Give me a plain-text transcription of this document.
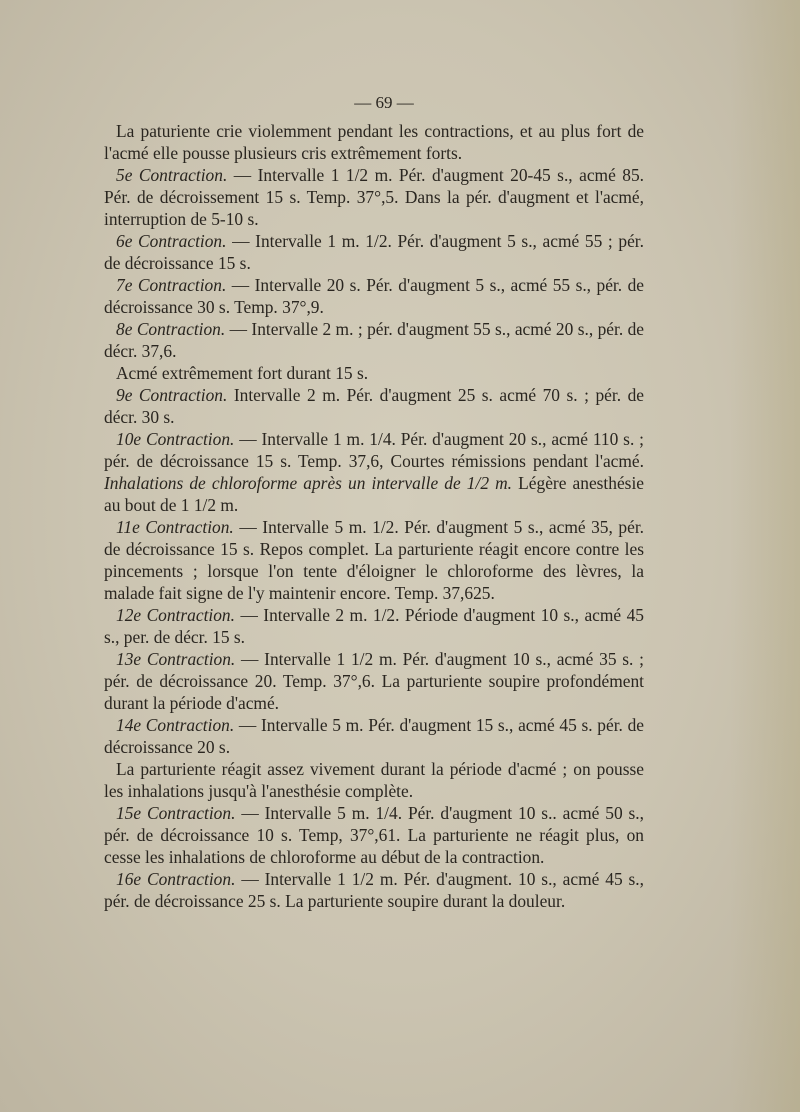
— 69 —

La paturiente crie violemment pendant les contractions, et au plus fort de l'acmé elle pousse plusieurs cris extrêmement forts.

5e Contraction. — Intervalle 1 1/2 m. Pér. d'augment 20-45 s., acmé 85. Pér. de décroissement 15 s. Temp. 37°,5. Dans la pér. d'augment et l'acmé, interruption de 5-10 s.

6e Contraction. — Intervalle 1 m. 1/2. Pér. d'augment 5 s., acmé 55 ; pér. de décroissance 15 s.

7e Contraction. — Intervalle 20 s. Pér. d'augment 5 s., acmé 55 s., pér. de décroissance 30 s. Temp. 37°,9.

8e Contraction. — Intervalle 2 m. ; pér. d'augment 55 s., acmé 20 s., pér. de décr. 37,6.

Acmé extrêmement fort durant 15 s.

9e Contraction. Intervalle 2 m. Pér. d'augment 25 s. acmé 70 s. ; pér. de décr. 30 s.

10e Contraction. — Intervalle 1 m. 1/4. Pér. d'augment 20 s., acmé 110 s. ; pér. de décroissance 15 s. Temp. 37,6, Courtes rémissions pendant l'acmé. Inhalations de chloroforme après un intervalle de 1/2 m. Légère anesthésie au bout de 1 1/2 m.

11e Contraction. — Intervalle 5 m. 1/2. Pér. d'augment 5 s., acmé 35, pér. de décroissance 15 s. Repos complet. La parturiente réagit encore contre les pincements ; lorsque l'on tente d'éloigner le chloroforme des lèvres, la malade fait signe de l'y maintenir encore. Temp. 37,625.

12e Contraction. — Intervalle 2 m. 1/2. Période d'augment 10 s., acmé 45 s., per. de décr. 15 s.

13e Contraction. — Intervalle 1 1/2 m. Pér. d'augment 10 s., acmé 35 s. ; pér. de décroissance 20. Temp. 37°,6. La parturiente soupire profondément durant la période d'acmé.

14e Contraction. — Intervalle 5 m. Pér. d'augment 15 s., acmé 45 s. pér. de décroissance 20 s.

La parturiente réagit assez vivement durant la période d'acmé ; on pousse les inhalations jusqu'à l'anesthésie complète.

15e Contraction. — Intervalle 5 m. 1/4. Pér. d'augment 10 s.. acmé 50 s., pér. de décroissance 10 s. Temp, 37°,61. La parturiente ne réagit plus, on cesse les inhalations de chloroforme au début de la contraction.

16e Contraction. — Intervalle 1 1/2 m. Pér. d'augment. 10 s., acmé 45 s., pér. de décroissance 25 s. La parturiente soupire durant la douleur.
